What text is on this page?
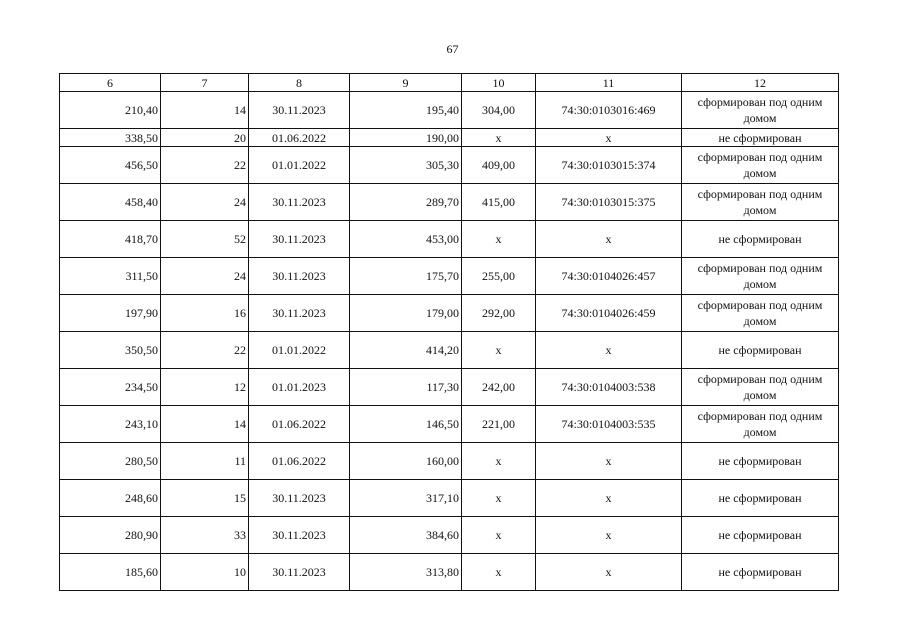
67
6	7	8	9	10	11	12
210,40	14	30.11.2023	195,40	304,00	74:30:0103016:469	сформирован под одним домом
338,50	20	01.06.2022	190,00	х	х	не сформирован
456,50	22	01.01.2022	305,30	409,00	74:30:0103015:374	сформирован под одним домом
458,40	24	30.11.2023	289,70	415,00	74:30:0103015:375	сформирован под одним домом
418,70	52	30.11.2023	453,00	х	х	не сформирован
311,50	24	30.11.2023	175,70	255,00	74:30:0104026:457	сформирован под одним домом
197,90	16	30.11.2023	179,00	292,00	74:30:0104026:459	сформирован под одним домом
350,50	22	01.01.2022	414,20	х	х	не сформирован
234,50	12	01.01.2023	117,30	242,00	74:30:0104003:538	сформирован под одним домом
243,10	14	01.06.2022	146,50	221,00	74:30:0104003:535	сформирован под одним домом
280,50	11	01.06.2022	160,00	х	х	не сформирован
248,60	15	30.11.2023	317,10	х	х	не сформирован
280,90	33	30.11.2023	384,60	х	х	не сформирован
185,60	10	30.11.2023	313,80	х	х	не сформирован
